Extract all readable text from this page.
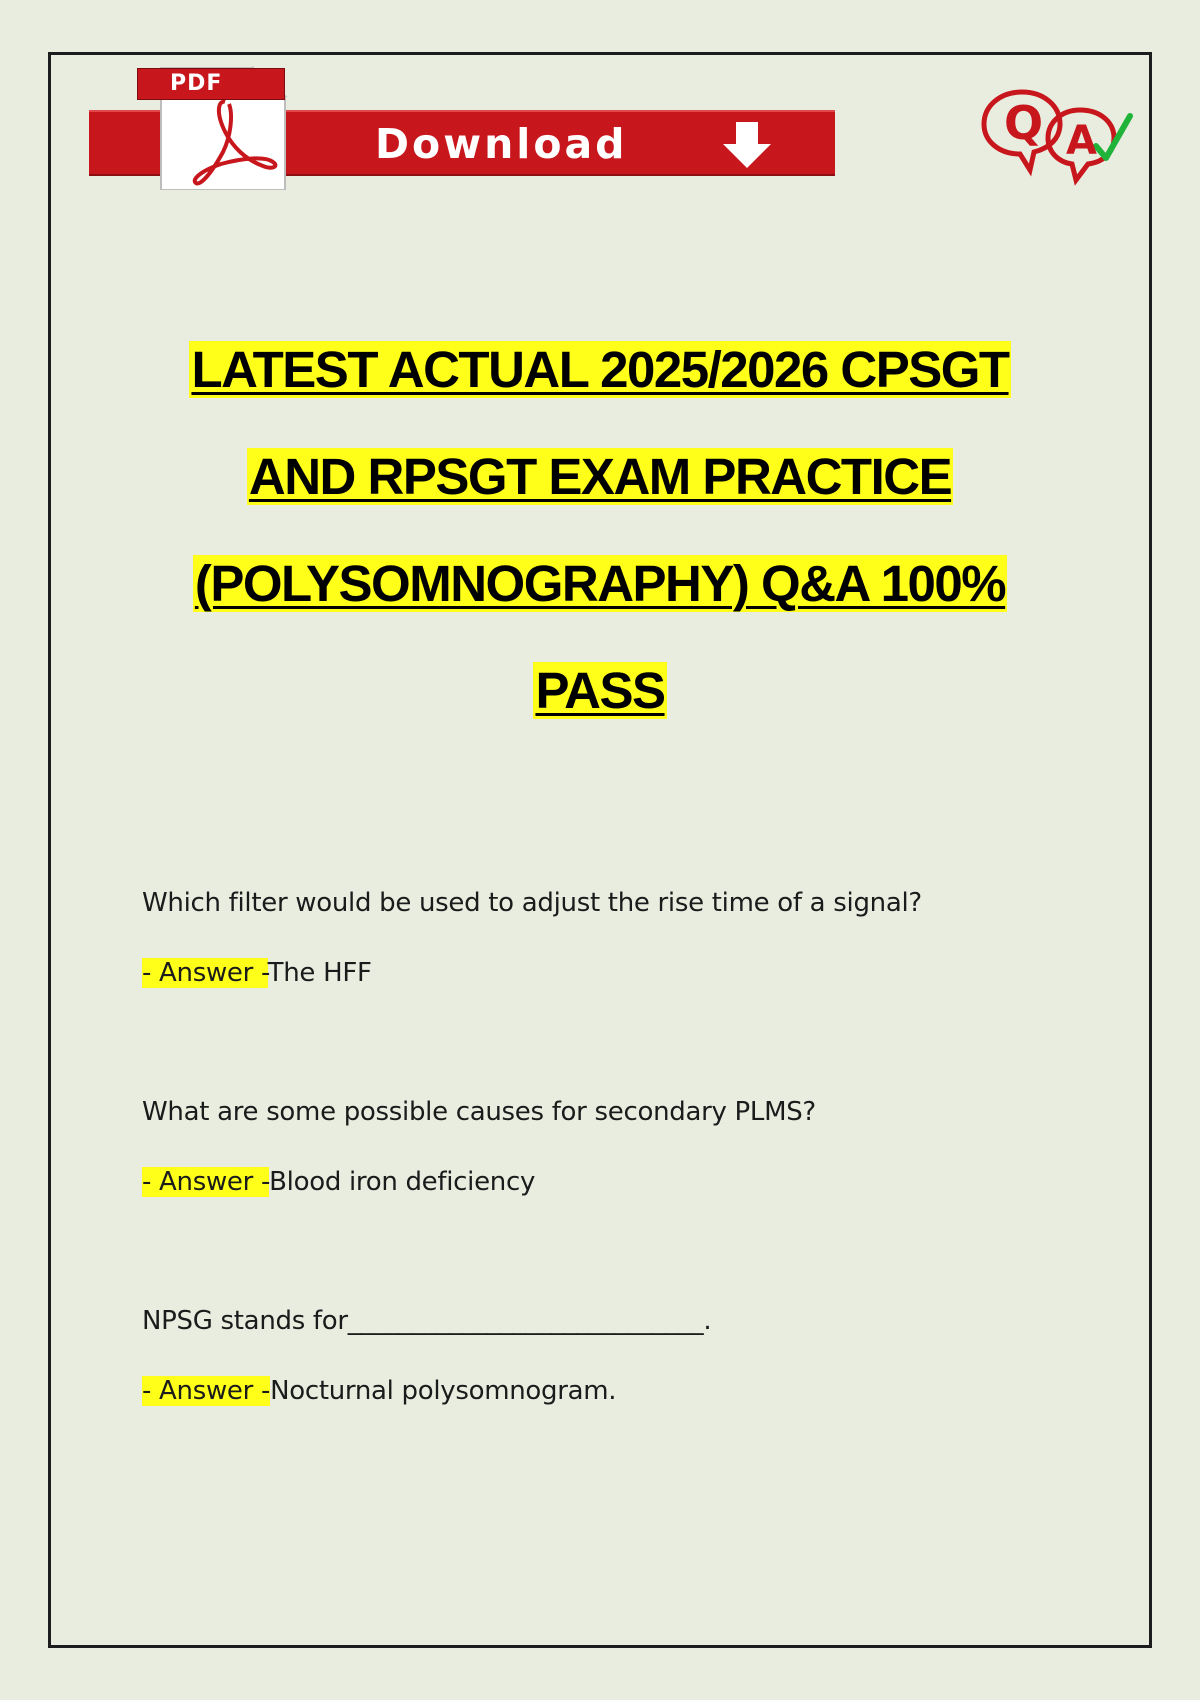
Download
PDF
Q A
LATEST ACTUAL 2025/2026 CPSGT
AND RPSGT EXAM PRACTICE
(POLYSOMNOGRAPHY) Q&A 100%
PASS
Which filter would be used to adjust the rise time of a signal?
- Answer -The HFF
What are some possible causes for secondary PLMS?
- Answer -Blood iron deficiency
NPSG stands for____________________________.
- Answer -Nocturnal polysomnogram.
